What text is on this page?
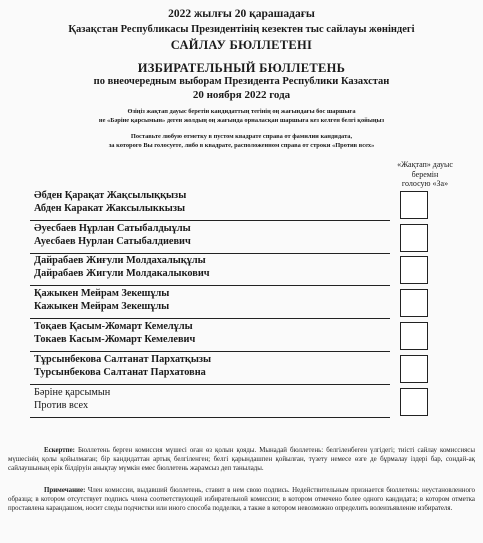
2022 жылғы 20 қарашадағы
Қазақстан Республикасы Президентінің кезектен тыс сайлауы жөніндегі
САЙЛАУ БЮЛЛЕТЕНІ
ИЗБИРАТЕЛЬНЫЙ БЮЛЛЕТЕНЬ
по внеочередным выборам Президента Республики Казахстан
20 ноября 2022 года
Өзіңіз жақтап дауыс беретін кандидаттың тегінің оң жағындағы бос шаршыға
не «Бәріне қарсымын» деген жолдың оң жағында орналасқан шаршыға кез келген белгі қойыңыз
Поставьте любую отметку в пустом квадрате справа от фамилии кандидата,
за которого Вы голосуете, либо в квадрате, расположенном справа от строки «Против всех»
«Жақтап» дауыс
беремін
голосую «За»
Әбден Қарақат Жақсылыққызы
Абден Каракат Жаксылыккызы
Әуесбаев Нұрлан Сатыбалдыұлы
Ауесбаев Нурлан Сатыбалдиевич
Дайрабаев Жиғули Молдахалықұлы
Дайрабаев Жигули Молдакалыкович
Қажыкен Мейрам Зекешұлы
Кажыкен Мейрам Зекешұлы
Тоқаев Қасым-Жомарт Кемелұлы
Токаев Касым-Жомарт Кемелевич
Тұрсынбекова Салтанат Пархатқызы
Турсынбекова Салтанат Пархатовна
Бәріне қарсымын
Против всех
Ескертпе: Бюллетень берген комиссия мүшесі оған өз қолын қояды. Мынадай бюллетень: белгіленбеген үлгідегі; тиісті сайлау комиссиясы мүшесінің қолы қойылмаған; бір кандидаттан артық белгіленген; белгі қарындашпен қойылған, түзету немесе өзге де бұрмалау іздері бар, сондай-ақ сайлаушының ерік білдіруін анықтау мүмкін емес бюллетень жарамсыз деп танылады.
Примечание: Член комиссии, выдавший бюллетень, ставит в нем свою подпись. Недействительным признается бюллетень: неустановленного образца; в котором отсутствует подпись члена соответствующей избирательной комиссии; в котором отмечено более одного кандидата; в котором отметка проставлена карандашом, носит следы подчистки или иного способа подделки, а также в котором невозможно определить волеизъявление избирателя.
